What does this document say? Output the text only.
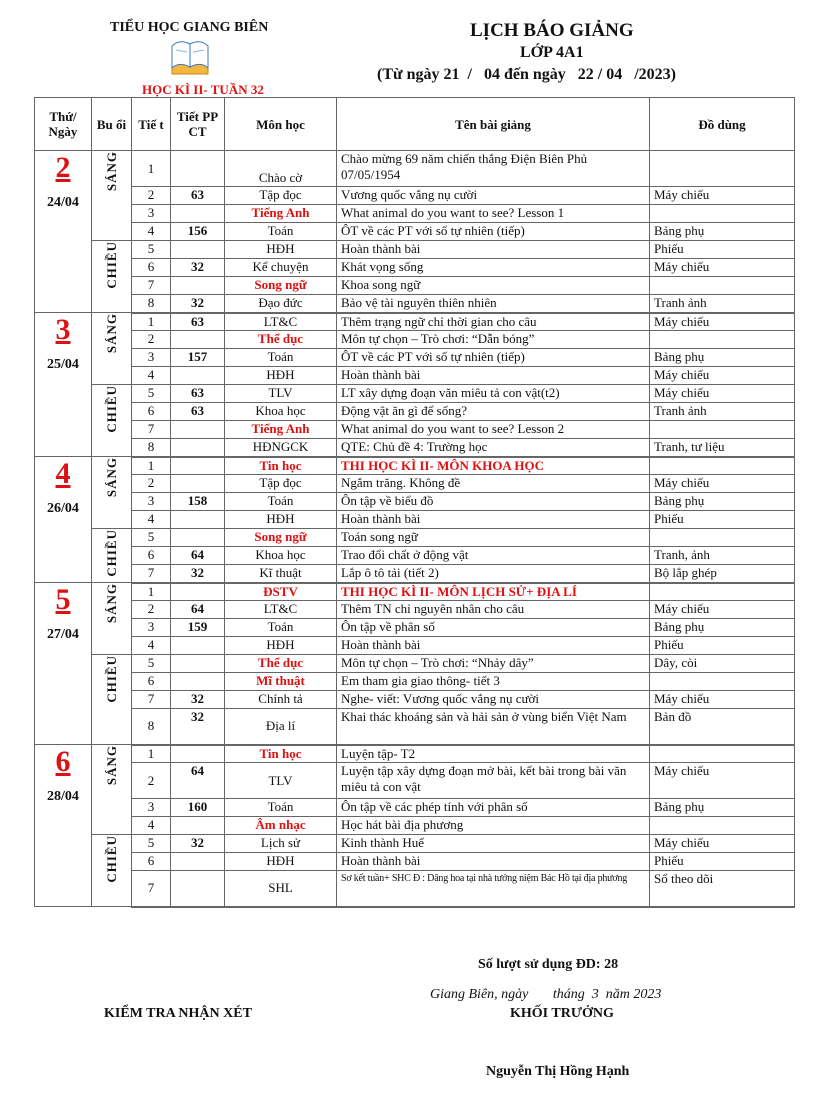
TIỂU HỌC GIANG BIÊN
HỌC KÌ II- TUẦN 32
LỊCH BÁO GIẢNG
LỚP 4A1
(Từ ngày 21  /   04 đến ngày   22 / 04   /2023)
Thứ/ Ngày	Bu ổi	Tiế t	Tiết PP CT	Môn học	Tên bài giảng	Đồ dùng

2
24/04	SÁNG	1		Chào cờ	Chào mừng 69 năm chiến thắng Điện Biên Phủ 07/05/1954	
		2	63	Tập đọc	Vương quốc vắng nụ cười	Máy chiếu
		3		Tiếng Anh	What animal do you want to see? Lesson 1	
		4	156	Toán	ÔT về các PT với số tự nhiên (tiếp)	Bảng phụ
	CHIỀU	5		HĐH	Hoàn thành bài	Phiếu
		6	32	Kể chuyện	Khát vọng sống	Máy chiếu
		7		Song ngữ	Khoa song ngữ	
		8	32	Đạo đức	Bảo vệ tài nguyên thiên nhiên	Tranh ảnh

3
25/04	SÁNG	1	63	LT&C	Thêm trạng ngữ chỉ thời gian cho câu	Máy chiếu
		2		Thể dục	Môn tự chọn – Trò chơi: “Dẫn bóng”	
		3	157	Toán	ÔT về các PT với số tự nhiên (tiếp)	Bảng phụ
		4		HĐH	Hoàn thành bài	Máy chiếu
	CHIỀU	5	63	TLV	LT xây dựng đoạn văn miêu tả con vật(t2)	Máy chiếu
		6	63	Khoa học	Động vật ăn gì để sống?	Tranh ảnh
		7		Tiếng Anh	What animal do you want to see? Lesson 2	
		8		HĐNGCK	QTE: Chủ đề 4: Trường học	Tranh, tư liệu

4
26/04	SÁNG	1		Tin học	THI HỌC KÌ II- MÔN KHOA HỌC	
		2		Tập đọc	Ngắm trăng. Không đề	Máy chiếu
		3	158	Toán	Ôn tập về biểu đồ	Bảng phụ
		4		HĐH	Hoàn thành bài	Phiếu
	CHIỀU	5		Song ngữ	Toán song ngữ	
		6	64	Khoa học	Trao đổi chất ở động vật	Tranh, ảnh
		7	32	Kĩ thuật	Lắp ô tô tải (tiết 2)	Bộ lắp ghép

5
27/04	SÁNG	1		ĐSTV	THI HỌC KÌ II- MÔN LỊCH SỬ+ ĐỊA LÍ	
		2	64	LT&C	Thêm TN chỉ nguyên nhân cho câu	Máy chiếu
		3	159	Toán	Ôn tập về phân số	Bảng phụ
		4		HĐH	Hoàn thành bài	Phiếu
	CHIỀU	5		Thể dục	Môn tự chọn – Trò chơi: “Nhảy dây”	Dây, còi
		6		Mĩ thuật	Em tham gia giao thông- tiết 3	
		7	32	Chính tả	Nghe- viết: Vương quốc vắng nụ cười	Máy chiếu
		8	32	Địa lí	Khai thác khoáng sản và hải sản ở vùng biển Việt Nam	Bản đồ

6
28/04	SÁNG	1		Tin học	Luyện tập- T2	
		2	64	TLV	Luyện tập xây dựng đoạn mở bài, kết bài trong bài văn miêu tả con vật	Máy chiếu
		3	160	Toán	Ôn tập về các phép tính với phân số	Bảng phụ
		4		Âm nhạc	Học hát bài địa phương	
	CHIỀU	5	32	Lịch sử	Kinh thành Huế	Máy chiếu
		6		HĐH	Hoàn thành bài	Phiếu
		7		SHL	Sơ kết tuần+ SHC Đ : Dâng hoa tại nhà tưởng niệm Bác Hồ tại địa phương	Sổ theo dõi
Số lượt sử dụng ĐD: 28
Giang Biên, ngày       tháng  3  năm 2023
KIỂM TRA NHẬN XÉT	KHỐI TRƯỞNG
Nguyễn Thị Hồng Hạnh
